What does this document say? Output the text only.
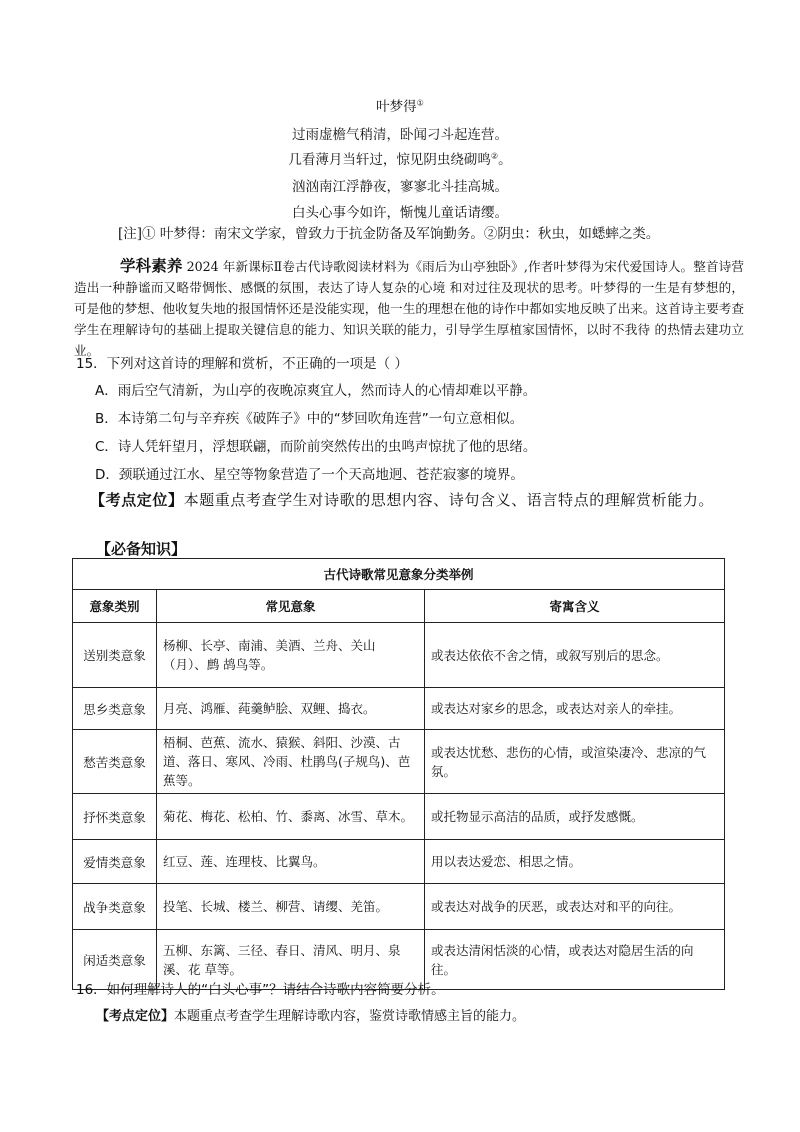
叶梦得①
过雨虚檐气稍清，卧闻刁斗起连营。
几看薄月当轩过，惊见阴虫绕砌鸣②。
汹汹南江浮静夜，寥寥北斗挂高城。
白头心事今如许，惭愧儿童话请缨。
[注]① 叶梦得：南宋文学家，曾致力于抗金防备及军饷勤务。②阴虫：秋虫，如蟋蟀之类。
学科素养 2024 年新课标Ⅱ卷古代诗歌阅读材料为《雨后为山亭独卧》,作者叶梦得为宋代爱国诗人。整首诗营造出一种静谧而又略带惆怅、感慨的氛围，表达了诗人复杂的心境 和对过往及现状的思考。叶梦得的一生是有梦想的，可是他的梦想、他收复失地的报国情怀还是没能实现，他一生的理想在他的诗作中都如实地反映了出来。这首诗主要考查学生在理解诗句的基础上提取关键信息的能力、知识关联的能力，引导学生厚植家国情怀，以时不我待 的热情去建功立业。
15．下列对这首诗的理解和赏析，不正确的一项是（ ）
A．雨后空气清新，为山亭的夜晚凉爽宜人，然而诗人的心情却难以平静。
B．本诗第二句与辛弃疾《破阵子》中的“梦回吹角连营”一句立意相似。
C．诗人凭轩望月，浮想联翩，而阶前突然传出的虫鸣声惊扰了他的思绪。
D．颈联通过江水、星空等物象营造了一个天高地迥、苍茫寂寥的境界。
【考点定位】本题重点考查学生对诗歌的思想内容、诗句含义、语言特点的理解赏析能力。
【必备知识】
古代诗歌常见意象分类举例		
意象类别	常见意象	寄寓含义
送别类意象	杨柳、长亭、南浦、美酒、兰舟、关山（月）、鹧 鸪鸟等。	或表达依依不舍之情，或叙写别后的思念。
思乡类意象	月亮、鸿雁、莼羹鲈脍、双鲤、捣衣。	或表达对家乡的思念，或表达对亲人的牵挂。
愁苦类意象	梧桐、芭蕉、流水、猿猴、斜阳、沙漠、古道、落日、寒风、冷雨、杜鹃鸟(子规鸟)、芭蕉等。	或表达忧愁、悲伤的心情，或渲染凄冷、悲凉的气氛。
抒怀类意象	菊花、梅花、松柏、竹、黍离、冰雪、草木。	或托物显示高洁的品质，或抒发感慨。
爱情类意象	红豆、莲、连理枝、比翼鸟。	用以表达爱恋、相思之情。
战争类意象	投笔、长城、楼兰、柳营、请缨、羌笛。	或表达对战争的厌恶，或表达对和平的向往。
闲适类意象	五柳、东篱、三径、春日、清风、明月、泉溪、花 草等。	或表达清闲恬淡的心情，或表达对隐居生活的向往。
16．如何理解诗人的“白头心事”？请结合诗歌内容简要分析。
【考点定位】本题重点考查学生理解诗歌内容，鉴赏诗歌情感主旨的能力。
